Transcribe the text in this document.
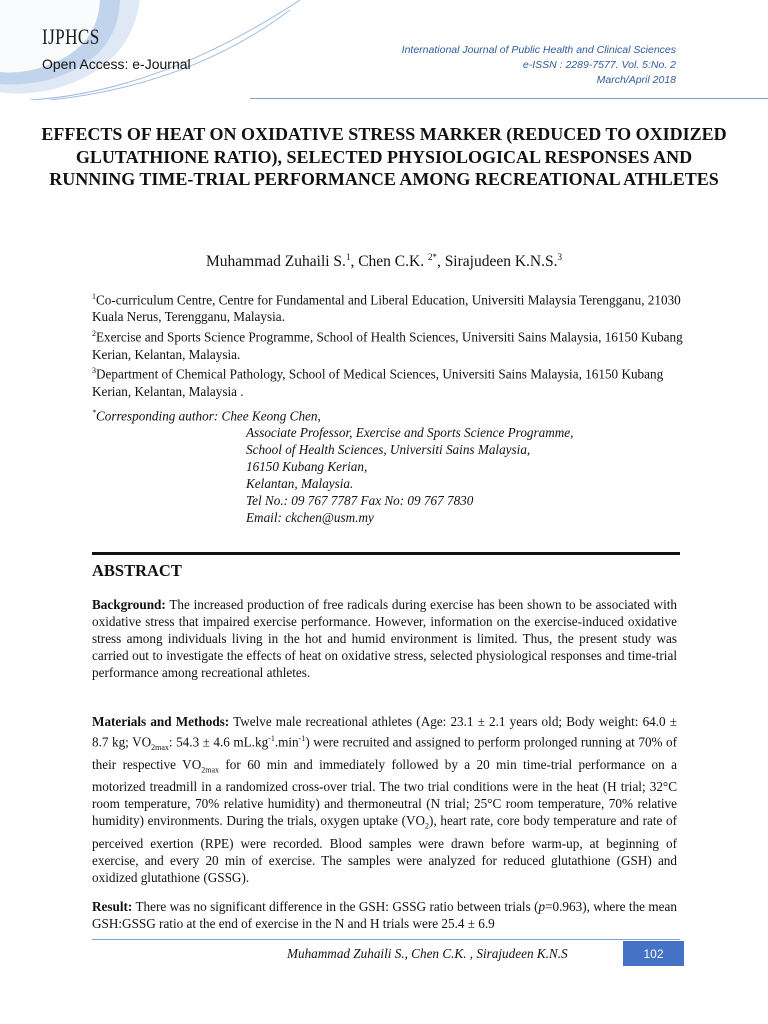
IJPHCS
Open Access: e-Journal
International Journal of Public Health and Clinical Sciences
e-ISSN : 2289-7577. Vol. 5:No. 2
March/April 2018
EFFECTS OF HEAT ON OXIDATIVE STRESS MARKER (REDUCED TO OXIDIZED GLUTATHIONE RATIO), SELECTED PHYSIOLOGICAL RESPONSES AND RUNNING TIME-TRIAL PERFORMANCE AMONG RECREATIONAL ATHLETES
Muhammad Zuhaili S.$^1$, Chen C.K. $^{2*}$, Sirajudeen K.N.S.$^3$

$^1$Co-curriculum Centre, Centre for Fundamental and Liberal Education, Universiti Malaysia Terengganu, 21030 Kuala Nerus, Terengganu, Malaysia.

$^2$Exercise and Sports Science Programme, School of Health Sciences, Universiti Sains Malaysia, 16150 Kubang Kerian, Kelantan, Malaysia.

$^3$Department of Chemical Pathology, School of Medical Sciences, Universiti Sains Malaysia, 16150 Kubang Kerian, Kelantan, Malaysia .

*Corresponding author: Chee Keong Chen,
Associate Professor, Exercise and Sports Science Programme,
School of Health Sciences, Universiti Sains Malaysia,
16150 Kubang Kerian,
Kelantan, Malaysia.
Tel No.: 09 767 7787 Fax No: 09 767 7830
Email: ckchen@usm.my
ABSTRACT
Background: The increased production of free radicals during exercise has been shown to be associated with oxidative stress that impaired exercise performance. However, information on the exercise-induced oxidative stress among individuals living in the hot and humid environment is limited. Thus, the present study was carried out to investigate the effects of heat on oxidative stress, selected physiological responses and time-trial performance among recreational athletes.
Materials and Methods: Twelve male recreational athletes (Age: 23.1 ± 2.1 years old; Body weight: 64.0 ± 8.7 kg; $VO_{2max}$: 54.3 ± 4.6 $mL.kg^{-1}.\min^{-1}$) were recruited and assigned to perform prolonged running at 70% of their respective $VO_{2max}$ for 60 min and immediately followed by a 20 min time-trial performance on a motorized treadmill in a randomized cross-over trial. The two trial conditions were in the heat (H trial; 32°C room temperature, 70% relative humidity) and thermoneutral (N trial; 25°C room temperature, 70% relative humidity) environments. During the trials, oxygen uptake $(VO_2)$, heart rate, core body temperature and rate of perceived exertion (RPE) were recorded. Blood samples were drawn before warm-up, at beginning of exercise, and every 20 min of exercise. The samples were analyzed for reduced glutathione (GSH) and oxidized glutathione (GSSG).
Result: There was no significant difference in the GSH: GSSG ratio between trials (p=0.963), where the mean GSH:GSSG ratio at the end of exercise in the N and H trials were 25.4 ± 6.9
Muhammad Zuhaili S., Chen C.K. , Sirajudeen K.N.S	102
